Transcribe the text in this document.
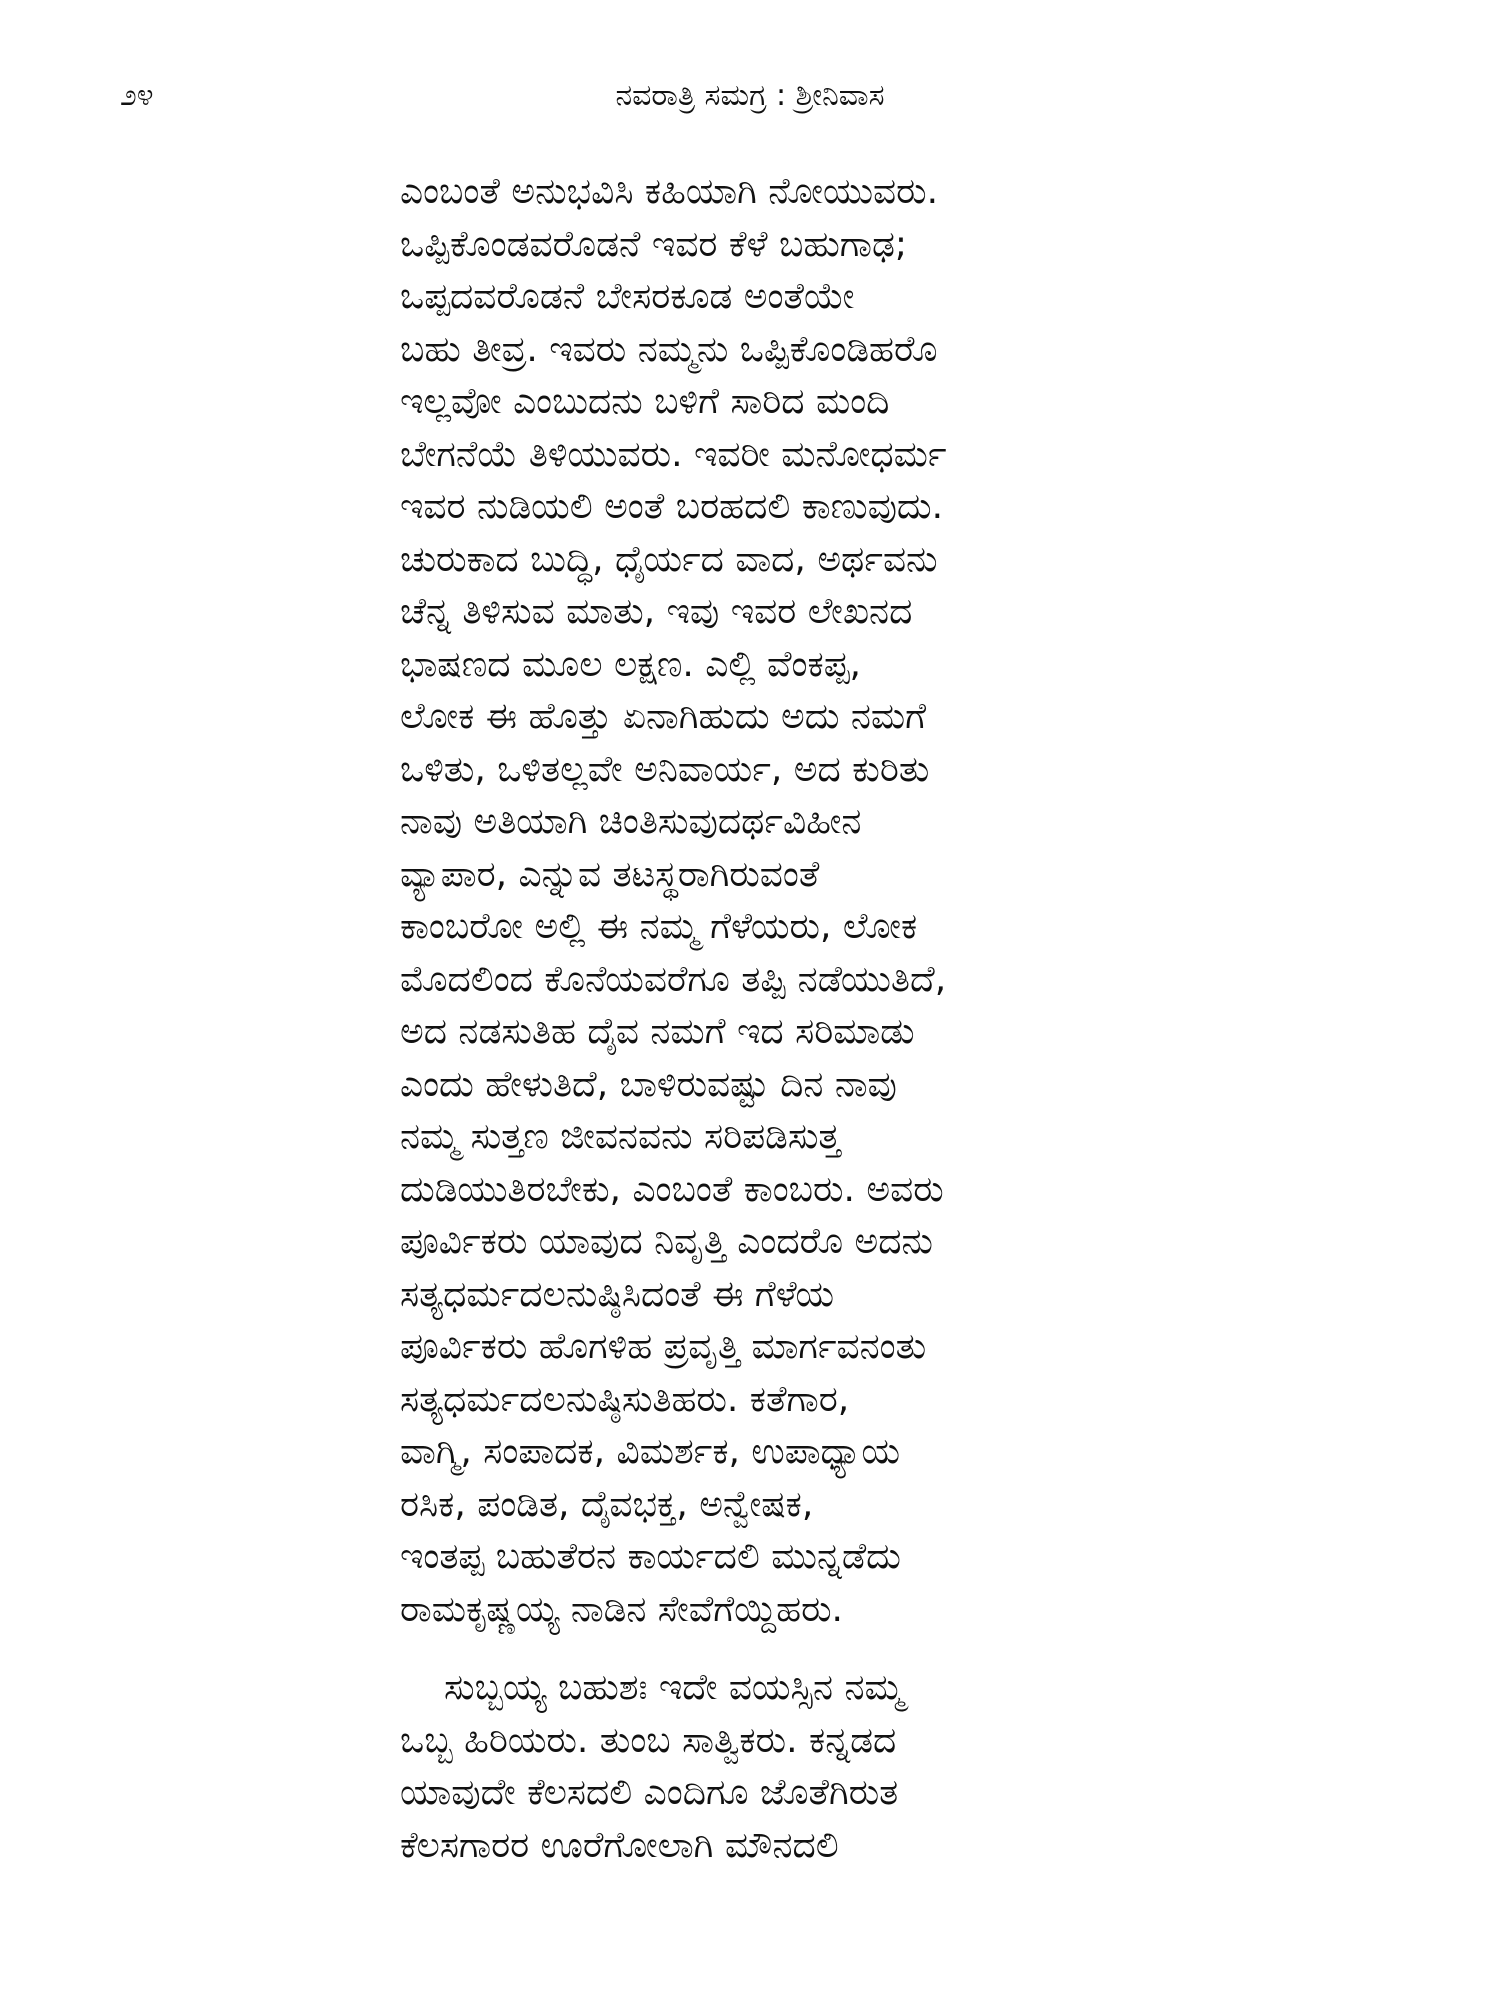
೨೪	ನವರಾತ್ರಿ ಸಮಗ್ರ : ಶ್ರೀನಿವಾಸ
ಎಂಬಂತೆ ಅನುಭವಿಸಿ ಕಹಿಯಾಗಿ ನೋಯುವರು.
ಒಪ್ಪಿಕೊಂಡವರೊಡನೆ ಇವರ ಕೆಳೆ ಬಹುಗಾಢ;
ಒಪ್ಪದವರೊಡನೆ ಬೇಸರಕೂಡ ಅಂತೆಯೇ
ಬಹು ತೀವ್ರ. ಇವರು ನಮ್ಮನು ಒಪ್ಪಿಕೊಂಡಿಹರೊ
ಇಲ್ಲವೋ ಎಂಬುದನು ಬಳಿಗೆ ಸಾರಿದ ಮಂದಿ
ಬೇಗನೆಯೆ ತಿಳಿಯುವರು. ಇವರೀ ಮನೋಧರ್ಮ
ಇವರ ನುಡಿಯಲಿ ಅಂತೆ ಬರಹದಲಿ ಕಾಣುವುದು.
ಚುರುಕಾದ ಬುದ್ಧಿ, ಧೈರ್ಯದ ವಾದ, ಅರ್ಥವನು
ಚೆನ್ನ ತಿಳಿಸುವ ಮಾತು, ಇವು ಇವರ ಲೇಖನದ
ಭಾಷಣದ ಮೂಲ ಲಕ್ಷಣ. ಎಲ್ಲಿ ವೆಂಕಪ್ಪ,
ಲೋಕ ಈ ಹೊತ್ತು ಏನಾಗಿಹುದು ಅದು ನಮಗೆ
ಒಳಿತು, ಒಳಿತಲ್ಲವೇ ಅನಿವಾರ್ಯ, ಅದ ಕುರಿತು
ನಾವು ಅತಿಯಾಗಿ ಚಿಂತಿಸುವುದರ್ಥವಿಹೀನ
ವ್ಯಾಪಾರ, ಎನ್ನುವ ತಟಸ್ಥರಾಗಿರುವಂತೆ
ಕಾಂಬರೋ ಅಲ್ಲಿ ಈ ನಮ್ಮ ಗೆಳೆಯರು, ಲೋಕ
ಮೊದಲಿಂದ ಕೊನೆಯವರೆಗೂ ತಪ್ಪಿ ನಡೆಯುತಿದೆ,
ಅದ ನಡಸುತಿಹ ದೈವ ನಮಗೆ ಇದ ಸರಿಮಾಡು
ಎಂದು ಹೇಳುತಿದೆ, ಬಾಳಿರುವಷ್ಟು ದಿನ ನಾವು
ನಮ್ಮ ಸುತ್ತಣ ಜೀವನವನು ಸರಿಪಡಿಸುತ್ತ
ದುಡಿಯುತಿರಬೇಕು, ಎಂಬಂತೆ ಕಾಂಬರು. ಅವರು
ಪೂರ್ವಿಕರು ಯಾವುದ ನಿವೃತ್ತಿ ಎಂದರೊ ಅದನು
ಸತ್ಯಧರ್ಮದಲನುಷ್ಠಿಸಿದಂತೆ ಈ ಗೆಳೆಯ
ಪೂರ್ವಿಕರು ಹೊಗಳಿಹ ಪ್ರವೃತ್ತಿ ಮಾರ್ಗವನಂತು
ಸತ್ಯಧರ್ಮದಲನುಷ್ಠಿಸುತಿಹರು. ಕತೆಗಾರ,
ವಾಗ್ಮಿ, ಸಂಪಾದಕ, ವಿಮರ್ಶಕ, ಉಪಾಧ್ಯಾಯ
ರಸಿಕ, ಪಂಡಿತ, ದೈವಭಕ್ತ, ಅನ್ವೇಷಕ,
ಇಂತಪ್ಪ ಬಹುತೆರನ ಕಾರ್ಯದಲಿ ಮುನ್ನಡೆದು
ರಾಮಕೃಷ್ಣಯ್ಯ ನಾಡಿನ ಸೇವೆಗೆಯ್ದಿಹರು.
ಸುಬ್ಬಯ್ಯ ಬಹುಶಃ ಇದೇ ವಯಸ್ಸಿನ ನಮ್ಮ
ಒಬ್ಬ ಹಿರಿಯರು. ತುಂಬ ಸಾತ್ವಿಕರು. ಕನ್ನಡದ
ಯಾವುದೇ ಕೆಲಸದಲಿ ಎಂದಿಗೂ ಜೊತೆಗಿರುತ
ಕೆಲಸಗಾರರ ಊರೆಗೋಲಾಗಿ ಮೌನದಲಿ
